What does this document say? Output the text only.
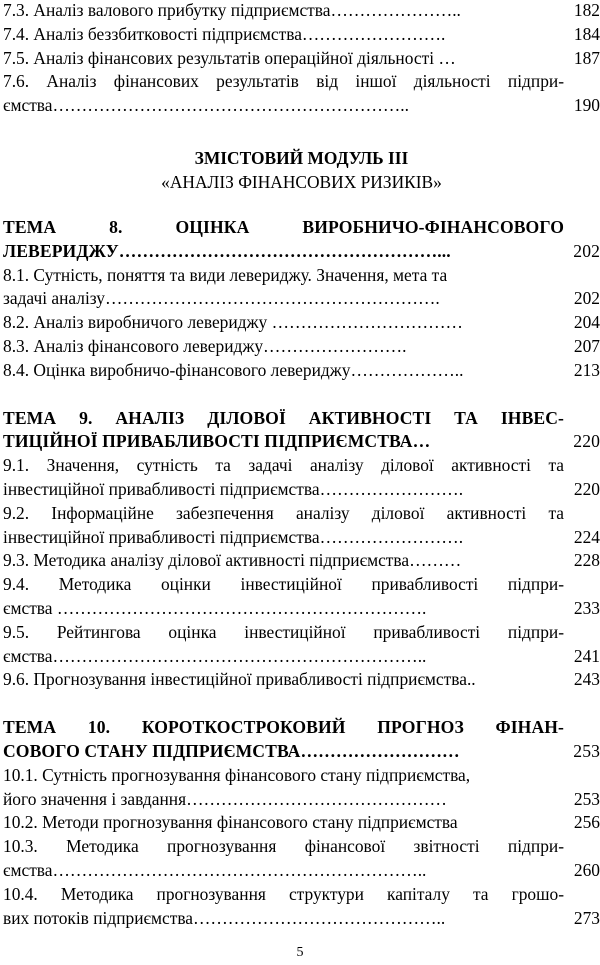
7.3. Аналіз валового прибутку підприємства…………………..	182
7.4. Аналіз беззбитковості підприємства…………………….	184
7.5. Аналіз фінансових результатів операційної діяльності …	187
7.6. Аналіз фінансових результатів від іншої діяльності підпри-
ємства……………………………………………………..	190
ЗМІСТОВИЙ МОДУЛЬ ІІІ
«АНАЛІЗ ФІНАНСОВИХ РИЗИКІВ»
ТЕМА 8. ОЦІНКА ВИРОБНИЧО-ФІНАНСОВОГО
ЛЕВЕРИДЖУ………………………………………………...	202
8.1. Сутність, поняття та види левериджу. Значення, мета та
задачі аналізу………………………………………………….	202
8.2. Аналіз виробничого левериджу ……………………………	204
8.3. Аналіз фінансового левериджу…………………….	207
8.4. Оцінка виробничо-фінансового левериджу………………..	213
ТЕМА 9. АНАЛІЗ ДІЛОВОЇ АКТИВНОСТІ ТА ІНВЕС-
ТИЦІЙНОЇ ПРИВАБЛИВОСТІ ПІДПРИЄМСТВА…	220
9.1. Значення, сутність та задачі аналізу ділової активності та
інвестиційної привабливості підприємства…………………….	220
9.2. Інформаційне забезпечення аналізу ділової активності та
інвестиційної привабливості підприємства…………………….	224
9.3. Методика аналізу ділової активності підприємства………	228
9.4. Методика оцінки інвестиційної привабливості підпри-
ємства ……………………………………………………….	233
9.5. Рейтингова оцінка інвестиційної привабливості підпри-
ємства………………………………………………………..	241
9.6. Прогнозування інвестиційної привабливості підприємства..	243
ТЕМА 10. КОРОТКОСТРОКОВИЙ ПРОГНОЗ ФІНАН-
СОВОГО СТАНУ ПІДПРИЄМСТВА………………………	253
10.1. Сутність прогнозування фінансового стану підприємства,
його значення і завдання………………………………………	253
10.2. Методи прогнозування фінансового стану підприємства	256
10.3. Методика прогнозування фінансової звітності підпри-
ємства………………………………………………………..	260
10.4. Методика прогнозування структури капіталу та грошо-
вих потоків підприємства……………………………………..	273
5
